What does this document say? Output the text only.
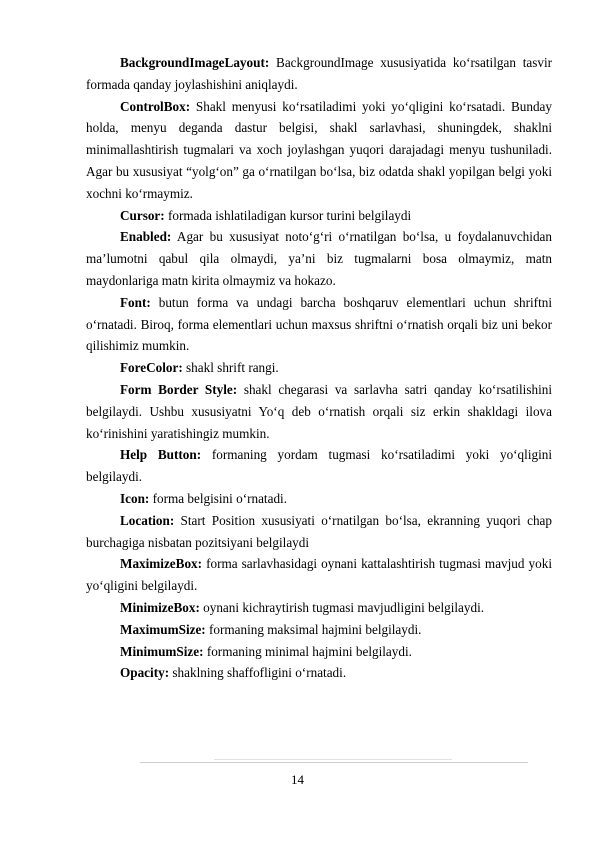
BackgroundImageLayout: BackgroundImage xususiyatida ko‘rsatilgan tasvir formada qanday joylashishini aniqlaydi.

ControlBox: Shakl menyusi ko‘rsatiladimi yoki yo‘qligini ko‘rsatadi. Bunday holda, menyu deganda dastur belgisi, shakl sarlavhasi, shuningdek, shaklni minimallashtirish tugmalari va xoch joylashgan yuqori darajadagi menyu tushuniladi. Agar bu xususiyat “yolg‘on” ga o‘rnatilgan bo‘lsa, biz odatda shakl yopilgan belgi yoki xochni ko‘rmaymiz.

Cursor: formada ishlatiladigan kursor turini belgilaydi

Enabled: Agar bu xususiyat noto‘g‘ri o‘rnatilgan bo‘lsa, u foydalanuvchidan ma’lumotni qabul qila olmaydi, ya’ni biz tugmalarni bosa olmaymiz, matn maydonlariga matn kirita olmaymiz va hokazo.

Font: butun forma va undagi barcha boshqaruv elementlari uchun shriftni o‘rnatadi. Biroq, forma elementlari uchun maxsus shriftni o‘rnatish orqali biz uni bekor qilishimiz mumkin.

ForeColor: shakl shrift rangi.

Form Border Style: shakl chegarasi va sarlavha satri qanday ko‘rsatilishini belgilaydi. Ushbu xususiyatni Yo‘q deb o‘rnatish orqali siz erkin shakldagi ilova ko‘rinishini yaratishingiz mumkin.

Help Button: formaning yordam tugmasi ko‘rsatiladimi yoki yo‘qligini belgilaydi.

Icon: forma belgisini o‘rnatadi.

Location: Start Position xususiyati o‘rnatilgan bo‘lsa, ekranning yuqori chap burchagiga nisbatan pozitsiyani belgilaydi

MaximizeBox: forma sarlavhasidagi oynani kattalashtirish tugmasi mavjud yoki yo‘qligini belgilaydi.

MinimizeBox: oynani kichraytirish tugmasi mavjudligini belgilaydi.

MaximumSize: formaning maksimal hajmini belgilaydi.

MinimumSize: formaning minimal hajmini belgilaydi.

Opacity: shaklning shaffofligini o‘rnatadi.

14
